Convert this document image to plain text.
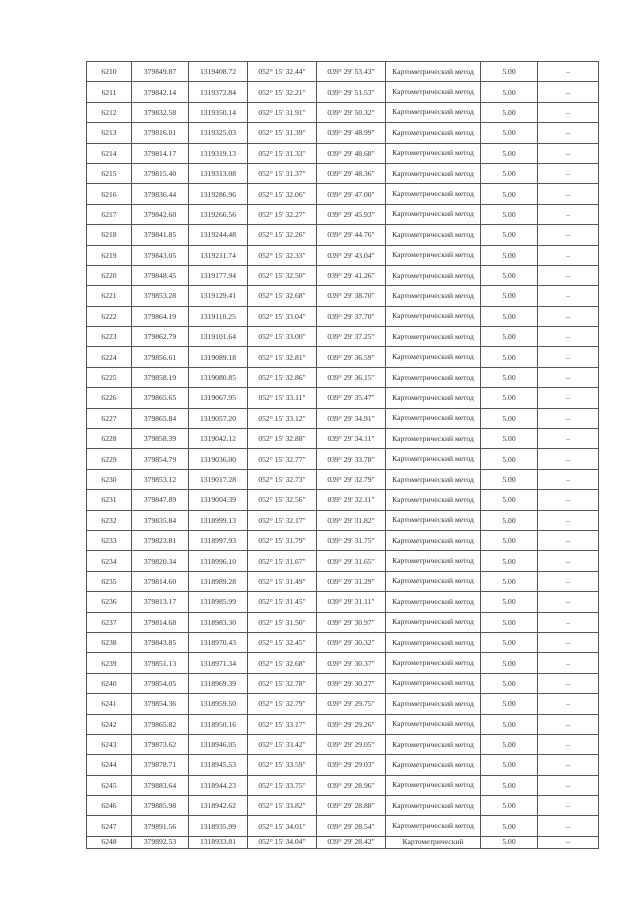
6210	379849.87	1319408.72	052° 15' 32.44"	039° 29' 53.43"	Картометрический метод	5.00	–
6211	379842.14	1319372.84	052° 15' 32.21"	039° 29' 51.53"	Картометрический метод	5.00	–
6212	379832.58	1319350.14	052° 15' 31.91"	039° 29' 50.32"	Картометрический метод	5.00	–
6213	379816.01	1319325.03	052° 15' 31.39"	039° 29' 48.99"	Картометрический метод	5.00	–
6214	379814.17	1319319.13	052° 15' 31.33"	039° 29' 48.68"	Картометрический метод	5.00	–
6215	379815.40	1319313.08	052° 15' 31.37"	039° 29' 48.36"	Картометрический метод	5.00	–
6216	379836.44	1319286.96	052° 15' 32.06"	039° 29' 47.00"	Картометрический метод	5.00	–
6217	379842.60	1319266.56	052° 15' 32.27"	039° 29' 45.93"	Картометрический метод	5.00	–
6218	379841.85	1319244.48	052° 15' 32.26"	039° 29' 44.76"	Картометрический метод	5.00	–
6219	379843.05	1319211.74	052° 15' 32.33"	039° 29' 43.04"	Картометрический метод	5.00	–
6220	379848.45	1319177.94	052° 15' 32.50"	039° 29' 41.26"	Картометрический метод	5.00	–
6221	379853.28	1319129.41	052° 15' 32.68"	039° 29' 38.70"	Картометрический метод	5.00	–
6222	379864.19	1319110.25	052° 15' 33.04"	039° 29' 37.70"	Картометрический метод	5.00	–
6223	379862.79	1319101.64	052° 15' 33.00"	039° 29' 37.25"	Картометрический метод	5.00	–
6224	379856.61	1319089.18	052° 15' 32.81"	039° 29' 36.59"	Картометрический метод	5.00	–
6225	379858.19	1319080.85	052° 15' 32.86"	039° 29' 36.15"	Картометрический метод	5.00	–
6226	379865.65	1319067.95	052° 15' 33.11"	039° 29' 35.47"	Картометрический метод	5.00	–
6227	379865.84	1319057.20	052° 15' 33.12"	039° 29' 34.91"	Картометрический метод	5.00	–
6228	379858.39	1319042.12	052° 15' 32.88"	039° 29' 34.11"	Картометрический метод	5.00	–
6229	379854.79	1319036.00	052° 15' 32.77"	039° 29' 33.78"	Картометрический метод	5.00	–
6230	379853.12	1319017.28	052° 15' 32.73"	039° 29' 32.79"	Картометрический метод	5.00	–
6231	379847.89	1319004.39	052° 15' 32.56"	039° 29' 32.11"	Картометрический метод	5.00	–
6232	379835.84	1318999.13	052° 15' 32.17"	039° 29' 31.82"	Картометрический метод	5.00	–
6233	379823.81	1318997.93	052° 15' 31.79"	039° 29' 31.75"	Картометрический метод	5.00	–
6234	379820.34	1318996.10	052° 15' 31.67"	039° 29' 31.65"	Картометрический метод	5.00	–
6235	379814.60	1318989.28	052° 15' 31.49"	039° 29' 31.29"	Картометрический метод	5.00	–
6236	379813.17	1318985.99	052° 15' 31.45"	039° 29' 31.11"	Картометрический метод	5.00	–
6237	379814.68	1318983.30	052° 15' 31.50"	039° 29' 30.97"	Картометрический метод	5.00	–
6238	379843.85	1318970.43	052° 15' 32.45"	039° 29' 30.32"	Картометрический метод	5.00	–
6239	379851.13	1318971.34	052° 15' 32.68"	039° 29' 30.37"	Картометрический метод	5.00	–
6240	379854.05	1318969.39	052° 15' 32.78"	039° 29' 30.27"	Картометрический метод	5.00	–
6241	379854.36	1318959.50	052° 15' 32.79"	039° 29' 29.75"	Картометрический метод	5.00	–
6242	379865.82	1318950.16	052° 15' 33.17"	039° 29' 29.26"	Картометрический метод	5.00	–
6243	379873.62	1318946.05	052° 15' 33.42"	039° 29' 29.05"	Картометрический метод	5.00	–
6244	379878.71	1318945.53	052° 15' 33.59"	039° 29' 29.03"	Картометрический метод	5.00	–
6245	379883.64	1318944.23	052° 15' 33.75"	039° 29' 28.96"	Картометрический метод	5.00	–
6246	379885.98	1318942.62	052° 15' 33.82"	039° 29' 28.88"	Картометрический метод	5.00	–
6247	379891.56	1318935.99	052° 15' 34.01"	039° 29' 28.54"	Картометрический метод	5.00	–
6248	379892.53	1318933.81	052° 15' 34.04"	039° 29' 28.42"	Картометрический	5.00	–
